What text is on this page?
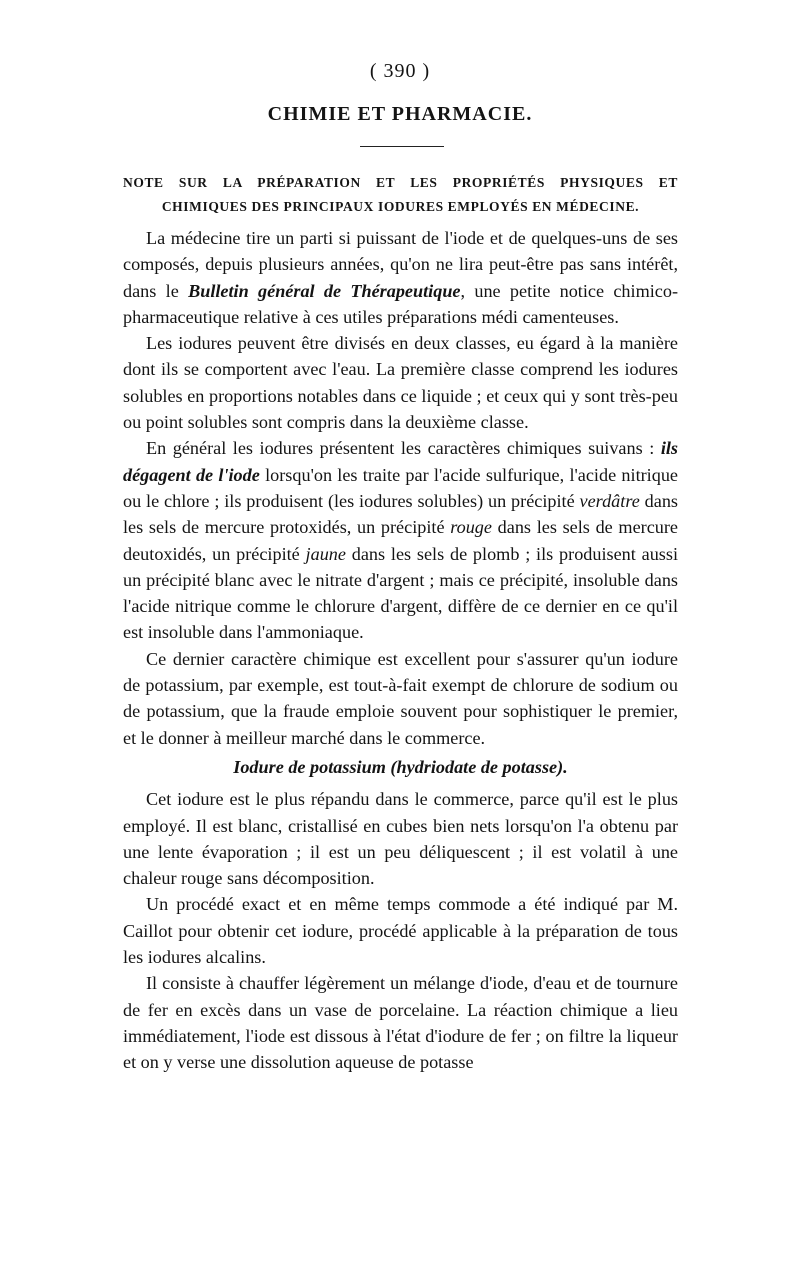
( 390 )
CHIMIE ET PHARMACIE.
NOTE SUR LA PRÉPARATION ET LES PROPRIÉTÉS PHYSIQUES ET
CHIMIQUES DES PRINCIPAUX IODURES EMPLOYÉS EN MÉDECINE.

La médecine tire un parti si puissant de l'iode et de quelques-uns de ses composés, depuis plusieurs années, qu'on ne lira peut-être pas sans intérêt, dans le Bulletin général de Thérapeutique, une petite notice chimico-pharmaceutique relative à ces utiles préparations médi camenteuses.

Les iodures peuvent être divisés en deux classes, eu égard à la manière dont ils se comportent avec l'eau. La première classe comprend les iodures solubles en proportions notables dans ce liquide ; et ceux qui y sont très-peu ou point solubles sont compris dans la deuxième classe.

En général les iodures présentent les caractères chimiques suivans : ils dégagent de l'iode lorsqu'on les traite par l'acide sulfurique, l'acide nitrique ou le chlore ; ils produisent (les iodures solubles) un précipité verdâtre dans les sels de mercure protoxidés, un précipité rouge dans les sels de mercure deutoxidés, un précipité jaune dans les sels de plomb ; ils produisent aussi un précipité blanc avec le nitrate d'argent ; mais ce précipité, insoluble dans l'acide nitrique comme le chlorure d'argent, diffère de ce dernier en ce qu'il est insoluble dans l'ammoniaque.

Ce dernier caractère chimique est excellent pour s'assurer qu'un iodure de potassium, par exemple, est tout-à-fait exempt de chlorure de sodium ou de potassium, que la fraude emploie souvent pour sophistiquer le premier, et le donner à meilleur marché dans le commerce.

Iodure de potassium (hydriodate de potasse).

Cet iodure est le plus répandu dans le commerce, parce qu'il est le plus employé. Il est blanc, cristallisé en cubes bien nets lorsqu'on l'a obtenu par une lente évaporation ; il est un peu déliquescent ; il est volatil à une chaleur rouge sans décomposition.

Un procédé exact et en même temps commode a été indiqué par M. Caillot pour obtenir cet iodure, procédé applicable à la préparation de tous les iodures alcalins.

Il consiste à chauffer légèrement un mélange d'iode, d'eau et de tournure de fer en excès dans un vase de porcelaine. La réaction chimique a lieu immédiatement, l'iode est dissous à l'état d'iodure de fer ; on filtre la liqueur et on y verse une dissolution aqueuse de potasse
